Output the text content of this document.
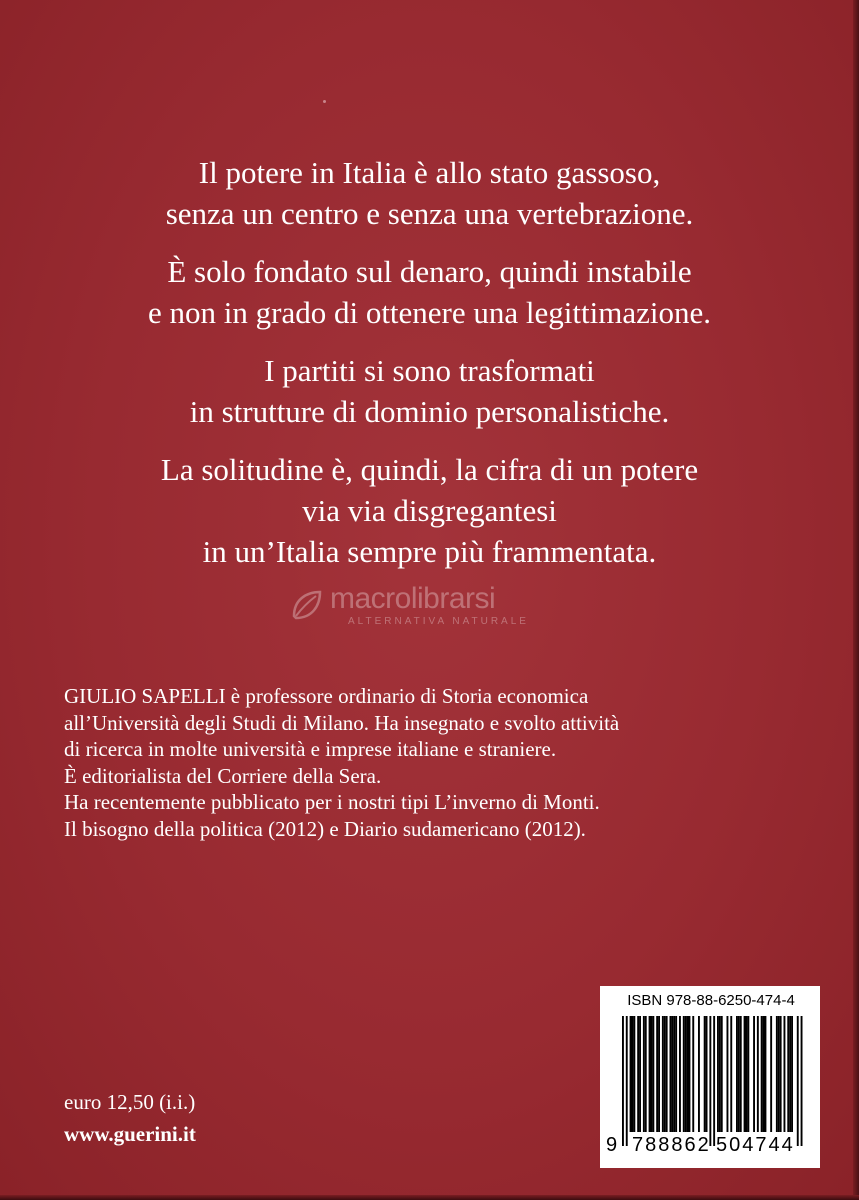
Il potere in Italia è allo stato gassoso,
senza un centro e senza una vertebrazione.

È solo fondato sul denaro, quindi instabile
e non in grado di ottenere una legittimazione.

I partiti si sono trasformati
in strutture di dominio personalistiche.

La solitudine è, quindi, la cifra di un potere
via via disgregantesi
in un’Italia sempre più frammentata.

macrolibrarsi
ALTERNATIVA NATURALE
GIULIO SAPELLI è professore ordinario di Storia economica
all’Università degli Studi di Milano. Ha insegnato e svolto attività
di ricerca in molte università e imprese italiane e straniere.
È editorialista del Corriere della Sera.
Ha recentemente pubblicato per i nostri tipi L’inverno di Monti.
Il bisogno della politica (2012) e Diario sudamericano (2012).
ISBN 978-88-6250-474-4
9 788862 504744
euro 12,50 (i.i.)
www.guerini.it
